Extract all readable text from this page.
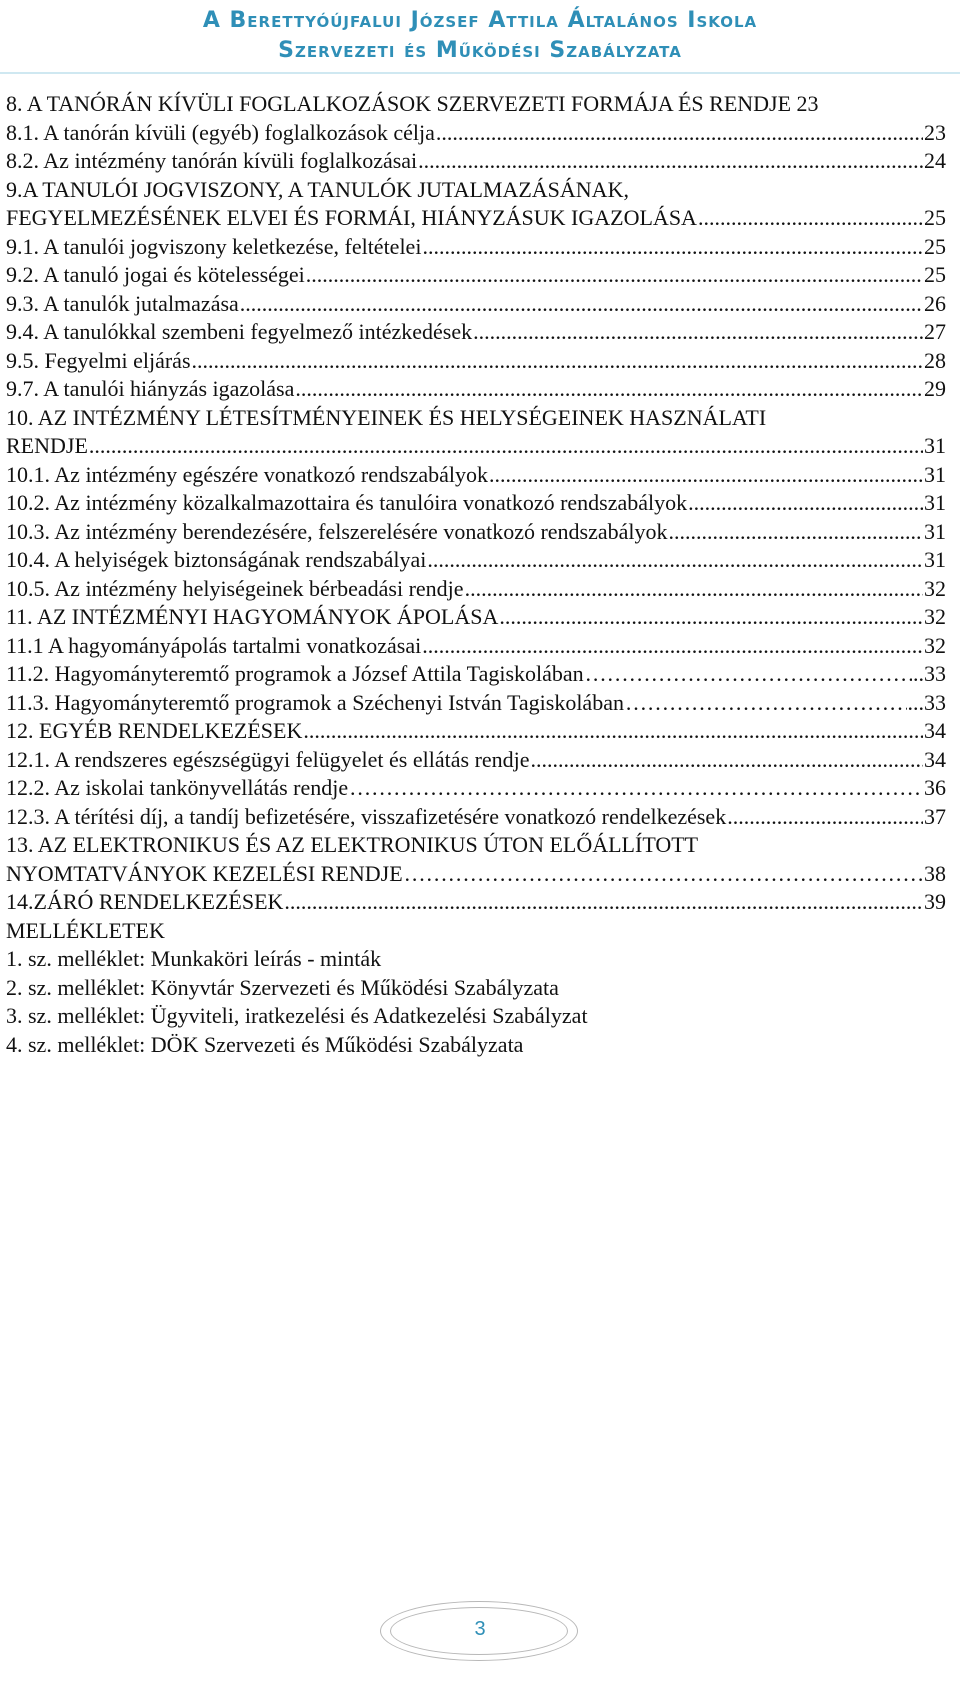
A Berettyóújfalui József Attila Általános Iskola
Szervezeti és Működési Szabályzata
8. A TANÓRÁN KÍVÜLI FOGLALKOZÁSOK SZERVEZETI FORMÁJA ÉS RENDJE 23
8.1. A tanórán kívüli (egyéb) foglalkozások célja .....	23
8.2. Az intézmény tanórán kívüli foglalkozásai .....	24
9.A TANULÓI JOGVISZONY, A TANULÓK JUTALMAZÁSÁNAK,
FEGYELMEZÉSÉNEK ELVEI ÉS FORMÁI, HIÁNYZÁSUK IGAZOLÁSA .....	25
9.1. A tanulói jogviszony keletkezése, feltételei .....	25
9.2. A tanuló jogai és kötelességei .....	25
9.3. A tanulók jutalmazása .....	26
9.4. A tanulókkal szembeni fegyelmező intézkedések .....	27
9.5. Fegyelmi eljárás .....	28
9.7. A tanulói hiányzás igazolása .....	29
10. AZ INTÉZMÉNY LÉTESÍTMÉNYEINEK ÉS HELYSÉGEINEK HASZNÁLATI
RENDJE .....	31
10.1. Az intézmény egészére vonatkozó rendszabályok .....	31
10.2. Az intézmény közalkalmazottaira és tanulóira vonatkozó rendszabályok .....	31
10.3. Az intézmény berendezésére, felszerelésére vonatkozó rendszabályok .....	31
10.4. A helyiségek biztonságának rendszabályai .....	31
10.5. Az intézmény helyiségeinek bérbeadási rendje .....	32
11. AZ INTÉZMÉNYI HAGYOMÁNYOK ÁPOLÁSA .....	32
11.1 A hagyományápolás tartalmi vonatkozásai .....	32
11.2. Hagyományteremtő programok a József Attila Tagiskolában ………………………………………………………………………………………………………………………………………………………………	..33
11.3. Hagyományteremtő programok a Széchenyi István Tagiskolában ………………………………………………………………………………………………………………………………………………………………	...33
12. EGYÉB RENDELKEZÉSEK .....	34
12.1. A rendszeres egészségügyi felügyelet és ellátás rendje .....	34
12.2. Az iskolai tankönyvellátás rendje ………………………………………………………………………………………………………………………………………………………………	36
12.3. A térítési díj, a tandíj befizetésére, visszafizetésére vonatkozó rendelkezések .....	37
13. AZ ELEKTRONIKUS ÉS AZ ELEKTRONIKUS ÚTON ELŐÁLLÍTOTT
NYOMTATVÁNYOK KEZELÉSI RENDJE ………………………………………………………………………………………………………………………………………………………………	38
14.ZÁRÓ RENDELKEZÉSEK .....	39
MELLÉKLETEK
1. sz. melléklet: Munkaköri leírás - minták
2. sz. melléklet: Könyvtár Szervezeti és Működési Szabályzata
3. sz. melléklet: Ügyviteli, iratkezelési és Adatkezelési Szabályzat
4. sz. melléklet: DÖK Szervezeti és Működési Szabályzata
3
